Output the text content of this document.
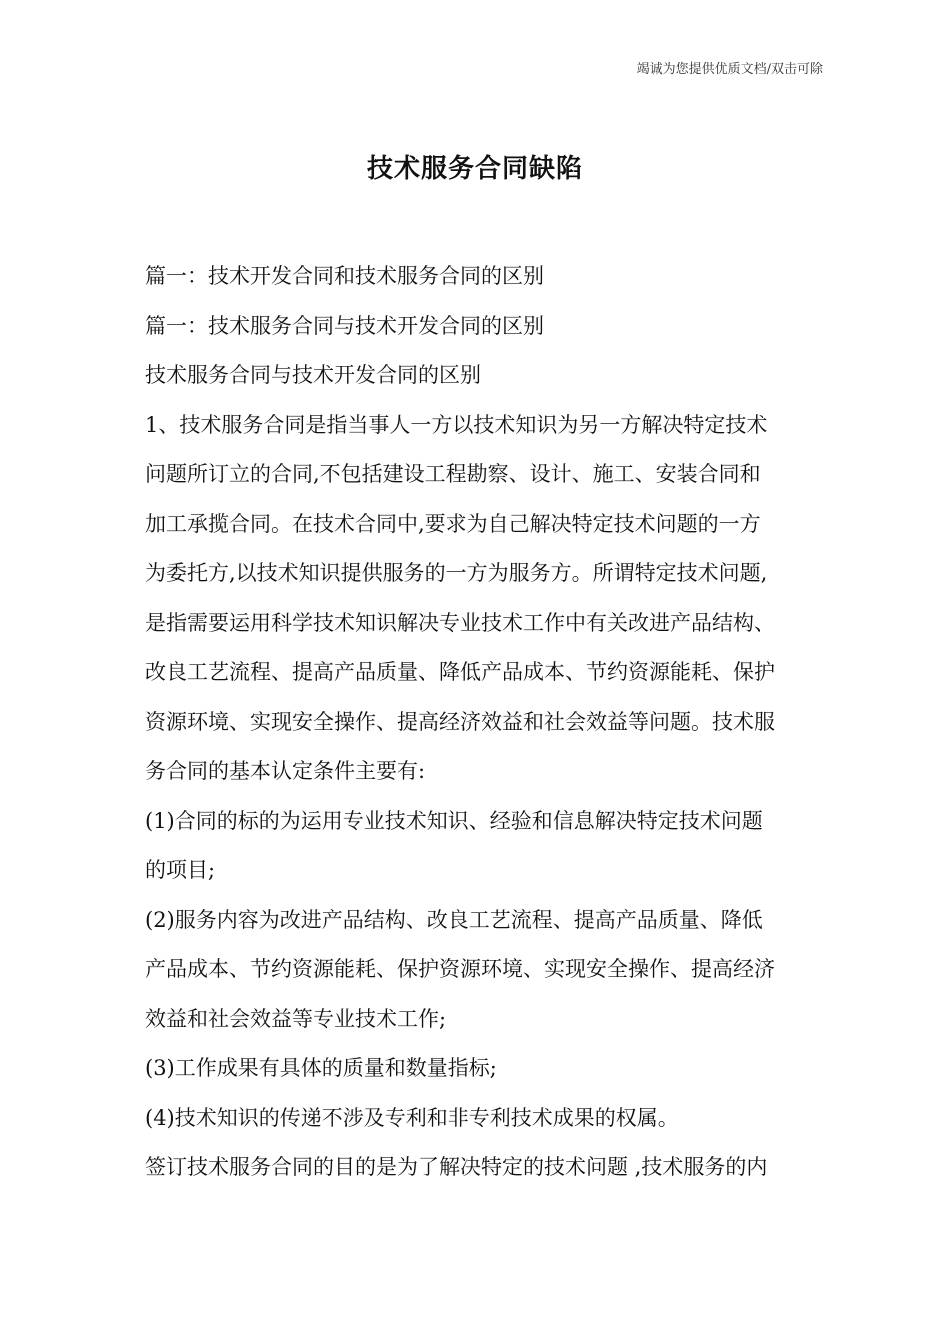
竭诚为您提供优质文档/双击可除
技术服务合同缺陷

篇一：技术开发合同和技术服务合同的区别

篇一：技术服务合同与技术开发合同的区别

技术服务合同与技术开发合同的区别

1、技术服务合同是指当事人一方以技术知识为另一方解决特定技术

问题所订立的合同,不包括建设工程勘察、设计、施工、安装合同和

加工承揽合同。在技术合同中,要求为自己解决特定技术问题的一方

为委托方,以技术知识提供服务的一方为服务方。所谓特定技术问题,

是指需要运用科学技术知识解决专业技术工作中有关改进产品结构、

改良工艺流程、提高产品质量、降低产品成本、节约资源能耗、保护

资源环境、实现安全操作、提高经济效益和社会效益等问题。技术服

务合同的基本认定条件主要有:

(1)合同的标的为运用专业技术知识、经验和信息解决特定技术问题

的项目;

(2)服务内容为改进产品结构、改良工艺流程、提高产品质量、降低

产品成本、节约资源能耗、保护资源环境、实现安全操作、提高经济

效益和社会效益等专业技术工作;

(3)工作成果有具体的质量和数量指标;

(4)技术知识的传递不涉及专利和非专利技术成果的权属。

签订技术服务合同的目的是为了解决特定的技术问题 ,技术服务的内
